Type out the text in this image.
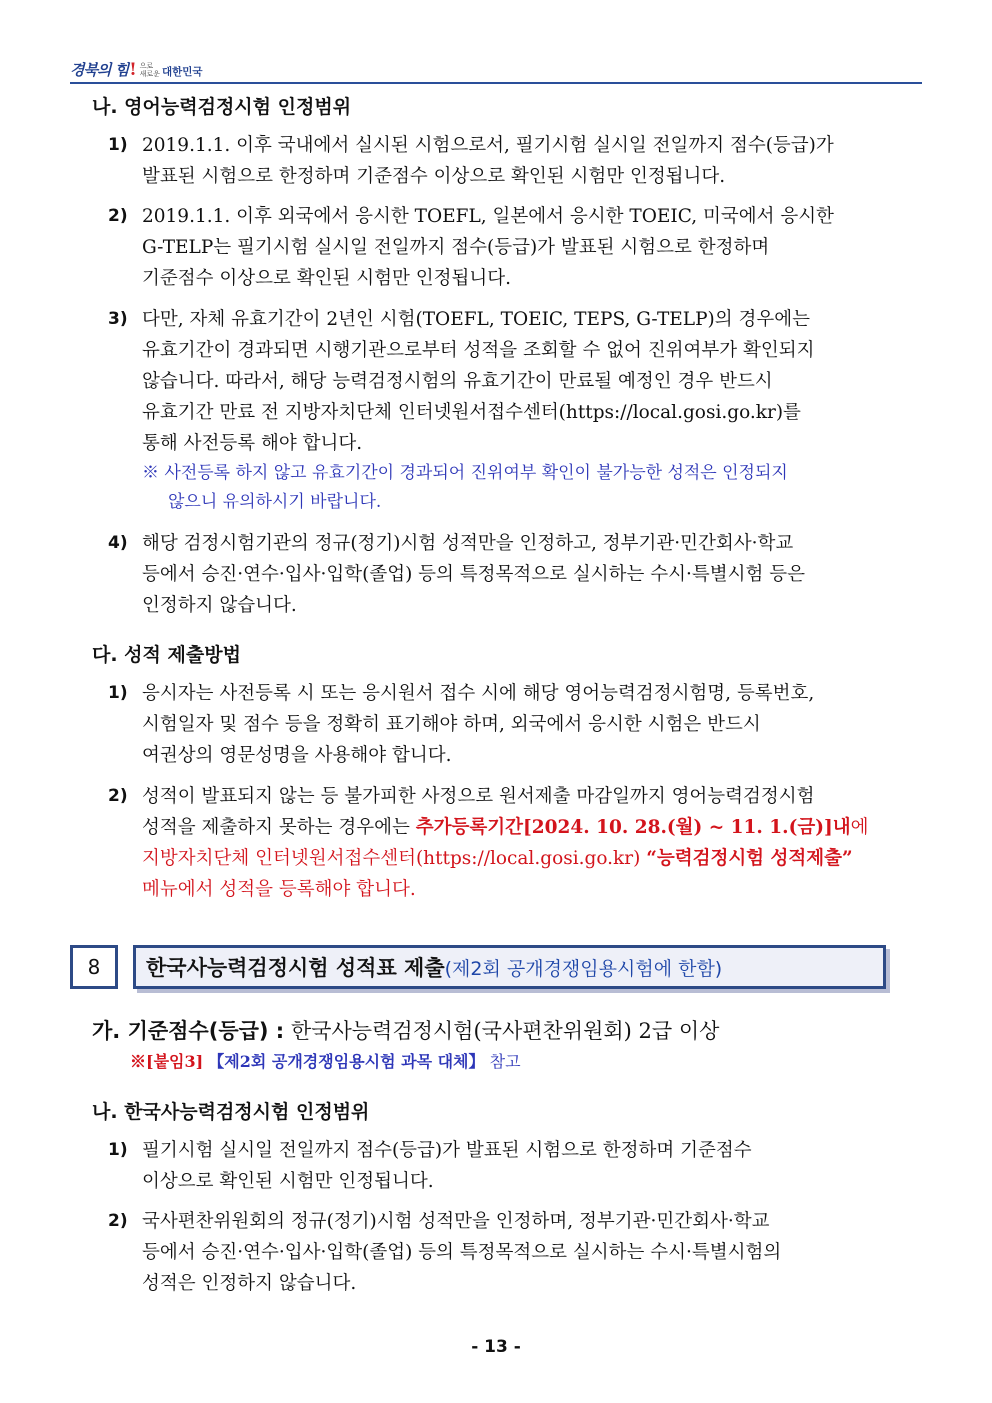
경북의 힘 ! 으로
새로운 대한민국
나. 영어능력검정시험 인정범위
1) 2019.1.1. 이후 국내에서 실시된 시험으로서, 필기시험 실시일 전일까지 점수(등급)가
발표된 시험으로 한정하며 기준점수 이상으로 확인된 시험만 인정됩니다.
2) 2019.1.1. 이후 외국에서 응시한 TOEFL, 일본에서 응시한 TOEIC, 미국에서 응시한
G-TELP는 필기시험 실시일 전일까지 점수(등급)가 발표된 시험으로 한정하며
기준점수 이상으로 확인된 시험만 인정됩니다.
3) 다만, 자체 유효기간이 2년인 시험(TOEFL, TOEIC, TEPS, G-TELP)의 경우에는
유효기간이 경과되면 시행기관으로부터 성적을 조회할 수 없어 진위여부가 확인되지
않습니다. 따라서, 해당 능력검정시험의 유효기간이 만료될 예정인 경우 반드시
유효기간 만료 전 지방자치단체 인터넷원서접수센터(https://local.gosi.go.kr)를
통해 사전등록 해야 합니다.
※ 사전등록 하지 않고 유효기간이 경과되어 진위여부 확인이 불가능한 성적은 인정되지
않으니 유의하시기 바랍니다.
4) 해당 검정시험기관의 정규(정기)시험 성적만을 인정하고, 정부기관·민간회사·학교
등에서 승진·연수·입사·입학(졸업) 등의 특정목적으로 실시하는 수시·특별시험 등은
인정하지 않습니다.
다. 성적 제출방법
1) 응시자는 사전등록 시 또는 응시원서 접수 시에 해당 영어능력검정시험명, 등록번호,
시험일자 및 점수 등을 정확히 표기해야 하며, 외국에서 응시한 시험은 반드시
여권상의 영문성명을 사용해야 합니다.
2) 성적이 발표되지 않는 등 불가피한 사정으로 원서제출 마감일까지 영어능력검정시험
성적을 제출하지 못하는 경우에는 추가등록기간[2024. 10. 28.(월) ~ 11. 1.(금)]내에
지방자치단체 인터넷원서접수센터(https://local.gosi.go.kr) “능력검정시험 성적제출”
메뉴에서 성적을 등록해야 합니다.
8	한국사능력검정시험 성적표 제출 (제2회 공개경쟁임용시험에 한함)
가. 기준점수(등급) : 한국사능력검정시험(국사편찬위원회) 2급 이상
※[붙임3] 【제2회 공개경쟁임용시험 과목 대체】 참고
나. 한국사능력검정시험 인정범위
1) 필기시험 실시일 전일까지 점수(등급)가 발표된 시험으로 한정하며 기준점수
이상으로 확인된 시험만 인정됩니다.
2) 국사편찬위원회의 정규(정기)시험 성적만을 인정하며, 정부기관·민간회사·학교
등에서 승진·연수·입사·입학(졸업) 등의 특정목적으로 실시하는 수시·특별시험의
성적은 인정하지 않습니다.
- 13 -
